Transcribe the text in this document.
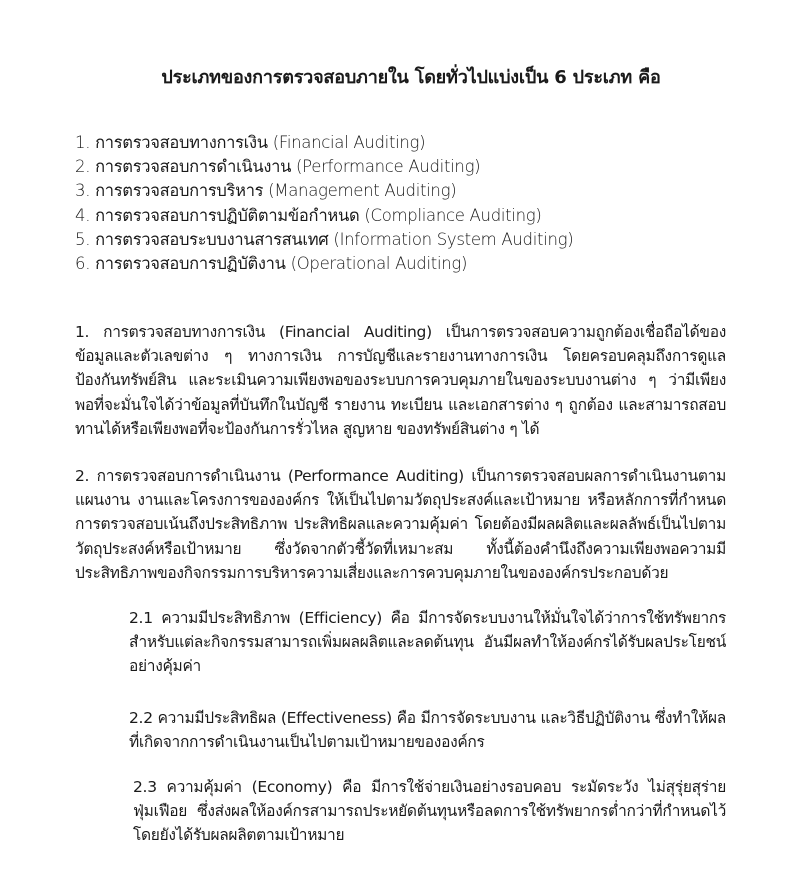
ประเภทของการตรวจสอบภายใน โดยทั่วไปแบ่งเป็น 6 ประเภท คือ
1. การตรวจสอบทางการเงิน (Financial Auditing)
2. การตรวจสอบการดำเนินงาน (Performance Auditing)
3. การตรวจสอบการบริหาร (Management Auditing)
4. การตรวจสอบการปฏิบัติตามข้อกำหนด (Compliance Auditing)
5. การตรวจสอบระบบงานสารสนเทศ (Information System Auditing)
6. การตรวจสอบการปฏิบัติงาน (Operational Auditing)
1. การตรวจสอบทางการเงิน (Financial Auditing) เป็นการตรวจสอบความถูกต้องเชื่อถือได้ของข้อมูลและตัวเลขต่าง ๆ ทางการเงิน การบัญชีและรายงานทางการเงิน โดยครอบคลุมถึงการดูแลป้องกันทรัพย์สิน และระเมินความเพียงพอของระบบการควบคุมภายในของระบบงานต่าง ๆ ว่ามีเพียงพอที่จะมั่นใจได้ว่าข้อมูลที่บันทึกในบัญชี รายงาน ทะเบียน และเอกสารต่าง ๆ ถูกต้อง และสามารถสอบทานได้หรือเพียงพอที่จะป้องกันการรั่วไหล สูญหาย ของทรัพย์สินต่าง ๆ ได้
2. การตรวจสอบการดำเนินงาน (Performance Auditing) เป็นการตรวจสอบผลการดำเนินงานตามแผนงาน งานและโครงการขององค์กร ให้เป็นไปตามวัตถุประสงค์และเป้าหมาย หรือหลักการที่กำหนด การตรวจสอบเน้นถึงประสิทธิภาพ ประสิทธิผลและความคุ้มค่า โดยต้องมีผลผลิตและผลลัพธ์เป็นไปตามวัตถุประสงค์หรือเป้าหมาย ซึ่งวัดจากตัวชี้วัดที่เหมาะสม ทั้งนี้ต้องคำนึงถึงความเพียงพอความมี ประสิทธิภาพของกิจกรรมการบริหารความเสี่ยงและการควบคุมภายในขององค์กรประกอบด้วย
2.1 ความมีประสิทธิภาพ (Efficiency) คือ มีการจัดระบบงานให้มั่นใจได้ว่าการใช้ทรัพยากรสำหรับแต่ละกิจกรรมสามารถเพิ่มผลผลิตและลดต้นทุน อันมีผลทำให้องค์กรได้รับผลประโยชน์อย่างคุ้มค่า
2.2 ความมีประสิทธิผล (Effectiveness) คือ มีการจัดระบบงาน และวิธีปฏิบัติงาน ซึ่งทำให้ผลที่เกิดจากการดำเนินงานเป็นไปตามเป้าหมายขององค์กร
2.3 ความคุ้มค่า (Economy) คือ มีการใช้จ่ายเงินอย่างรอบคอบ ระมัดระวัง ไม่สุรุ่ยสุร่ายฟุ่มเฟือย ซึ่งส่งผลให้องค์กรสามารถประหยัดต้นทุนหรือลดการใช้ทรัพยากรต่ำกว่าที่กำหนดไว้ โดยยังได้รับผลผลิตตามเป้าหมาย
